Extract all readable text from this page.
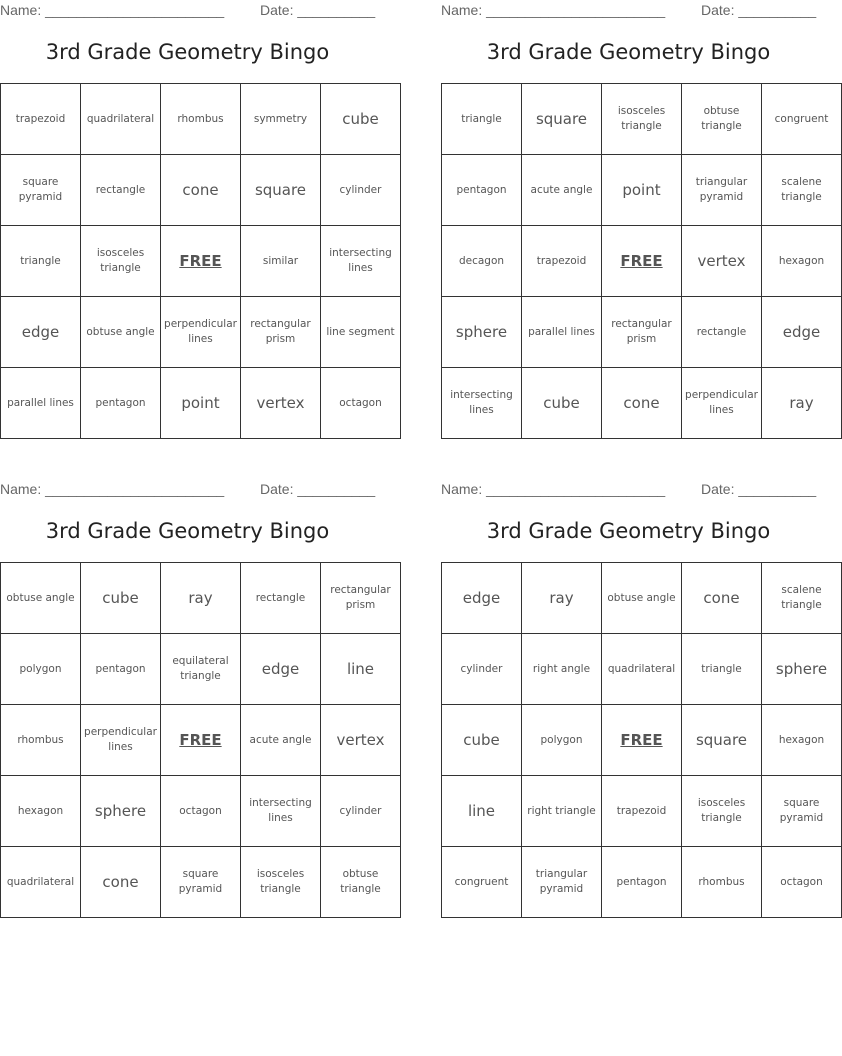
Name: _______________________	Date: __________
3rd Grade Geometry Bingo
trapezoid	quadrilateral	rhombus	symmetry	cube
square pyramid	rectangle	cone	square	cylinder
triangle	isosceles triangle	FREE	similar	intersecting lines
edge	obtuse angle	perpendicular lines	rectangular prism	line segment
parallel lines	pentagon	point	vertex	octagon
Name: _______________________	Date: __________
3rd Grade Geometry Bingo
triangle	square	isosceles triangle	obtuse triangle	congruent
pentagon	acute angle	point	triangular pyramid	scalene triangle
decagon	trapezoid	FREE	vertex	hexagon
sphere	parallel lines	rectangular prism	rectangle	edge
intersecting lines	cube	cone	perpendicular lines	ray
Name: _______________________	Date: __________
3rd Grade Geometry Bingo
obtuse angle	cube	ray	rectangle	rectangular prism
polygon	pentagon	equilateral triangle	edge	line
rhombus	perpendicular lines	FREE	acute angle	vertex
hexagon	sphere	octagon	intersecting lines	cylinder
quadrilateral	cone	square pyramid	isosceles triangle	obtuse triangle
Name: _______________________	Date: __________
3rd Grade Geometry Bingo
edge	ray	obtuse angle	cone	scalene triangle
cylinder	right angle	quadrilateral	triangle	sphere
cube	polygon	FREE	square	hexagon
line	right triangle	trapezoid	isosceles triangle	square pyramid
congruent	triangular pyramid	pentagon	rhombus	octagon
